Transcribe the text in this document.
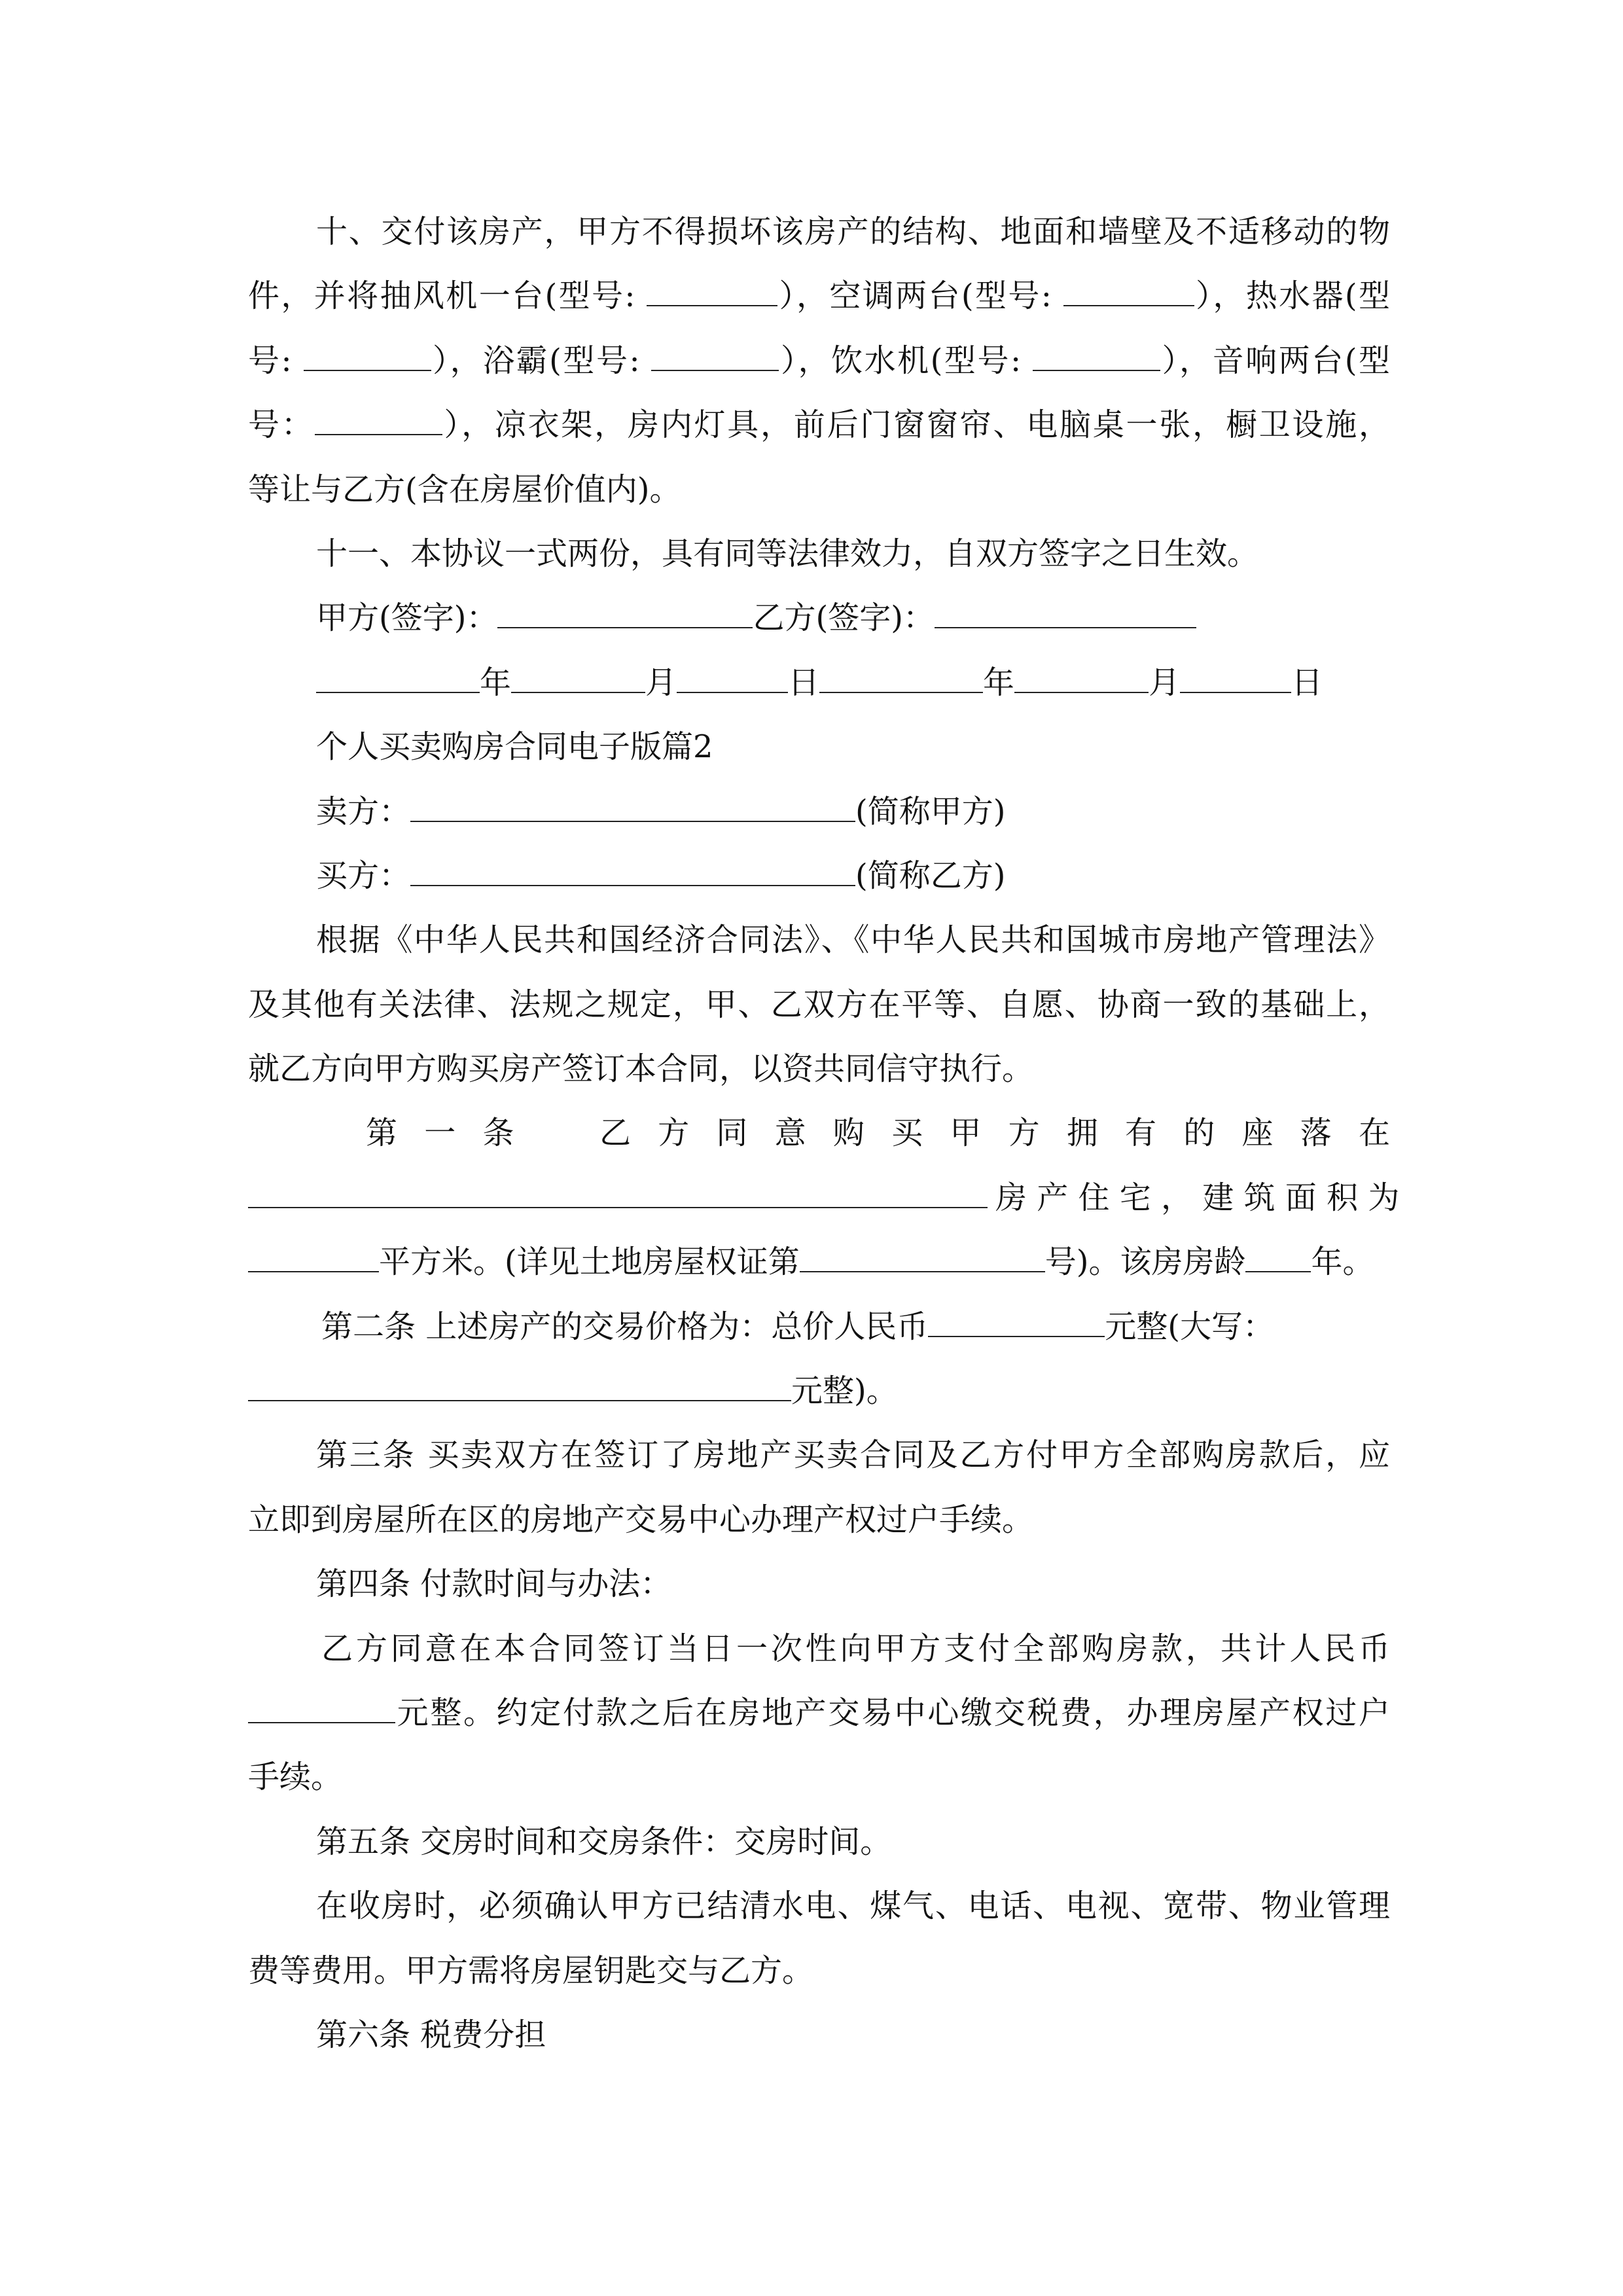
十、交付该房产，甲方不得损坏该房产的结构、地面和墙壁及不适移动的物
件，并将抽风机一台(型号:	），空调两台(型号:	），热水器(型
号:	），浴霸(型号:	），饮水机(型号:	），音响两台(型
号：	），凉衣架，房内灯具，前后门窗窗帘、电脑桌一张，橱卫设施，
等让与乙方(含在房屋价值内)。
十一、本协议一式两份，具有同等法律效力，自双方签字之日生效。
甲方(签字)：	乙方(签字)：
年	月	日	年	月	日
个人买卖购房合同电子版篇2
卖方：	(简称甲方)
买方：	(简称乙方)
根据《中华人民共和国经济合同法》、《中华人民共和国城市房地产管理法》
及其他有关法律、法规之规定，甲、乙双方在平等、自愿、协商一致的基础上，
就乙方向甲方购买房产签订本合同，以资共同信守执行。
第 一 条 　 乙 方 同 意 购 买 甲 方 拥 有 的 座 落 在
房 产 住 宅 ， 建 筑 面 积 为
平方米。(详见土地房屋权证第	号)。该房房龄 年。
第二条 上述房产的交易价格为：总价人民币	元整(大写：
元整)。
第三条 买卖双方在签订了房地产买卖合同及乙方付甲方全部购房款后，应
立即到房屋所在区的房地产交易中心办理产权过户手续。
第四条 付款时间与办法：
乙方同意在本合同签订当日一次性向甲方支付全部购房款，共计人民币
元整。约定付款之后在房地产交易中心缴交税费，办理房屋产权过户
手续。
第五条 交房时间和交房条件：交房时间。
在收房时，必须确认甲方已结清水电、煤气、电话、电视、宽带、物业管理
费等费用。甲方需将房屋钥匙交与乙方。
第六条 税费分担
